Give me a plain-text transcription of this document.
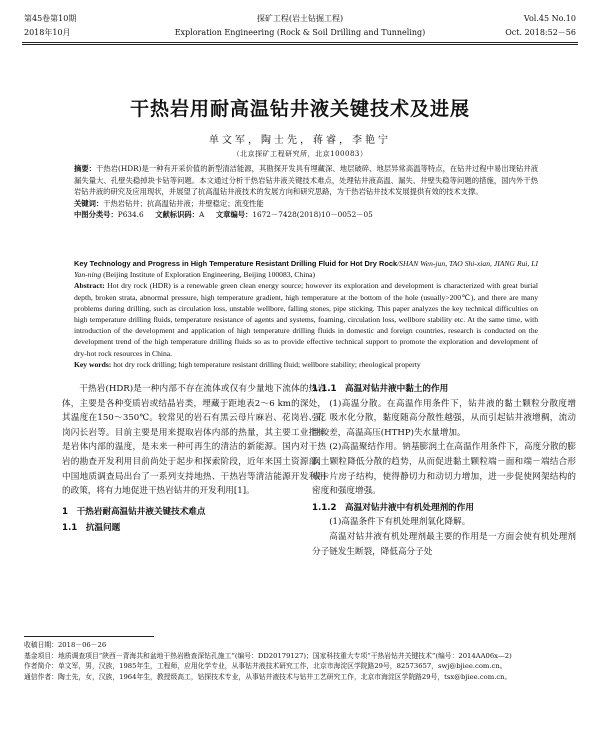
第45卷第10期	探矿工程(岩土钻掘工程)	Vol.45 No.10
2018年10月	Exploration Engineering (Rock & Soil Drilling and Tunneling)	Oct. 2018:52－56
干热岩用耐高温钻井液关键技术及进展
单文军，陶士先，蒋睿，李艳宁
（北京探矿工程研究所，北京100083）
摘要：干热岩(HDR)是一种有开采价值的新型清洁能源，其勘探开发具有埋藏深、地层破碎、地层异常高温等特点，在钻井过程中易出现钻井液漏失量大、孔壁失稳掉块卡钻等问题。本文通过分析干热岩钻井液关键技术难点，处理钻井液高温、漏失、井壁失稳等问题的措施，国内外干热岩钻井液的研究及应用现状，并展望了抗高温钻井液技术的发展方向和研究思路，为干热岩钻井技术发展提供有效的技术支撑。
关键词：干热岩钻井；抗高温钻井液；井壁稳定；流变性能
中图分类号：P634.6 文献标识码：A 文章编号：1672－7428(2018)10－0052－05
Key Technology and Progress in High Temperature Resistant Drilling Fluid for Hot Dry Rock/SHAN Wen-jun, TAO Shi-xian, JIANG Rui, LI Yan-ning (Beijing Institute of Exploration Engineering, Beijing 100083, China)
Abstract: Hot dry rock (HDR) is a renewable green clean energy source; however its exploration and development is characterized with great burial depth, broken strata, abnormal pressure, high temperature gradient, high temperature at the bottom of the hole (usually>200℃), and there are many problems during drilling, such as circulation loss, unstable wellbore, falling stones, pipe sticking. This paper analyzes the key technical difficulties on high temperature drilling fluids, temperature resistance of agents and systems, foaming, circulation loss, wellbore stability etc. At the same time, with introduction of the development and application of high temperature drilling fluids in domestic and foreign countries, research is conducted on the development trend of the high temperature drilling fluids so as to provide effective technical support to promote the exploration and development of dry-hot rock resources in China.
Key words: hot dry rock drilling; high temperature resistant drilling fluid; wellbore stability; rheological property

干热岩(HDR)是一种内部不存在流体或仅有少量地下流体的热岩体，主要是各种变质岩或结晶岩类，埋藏于距地表2～6 km的深处，其温度在150～350℃。较常见的岩石有黑云母片麻岩、花岗岩、花岗闪长岩等。目前主要是用来提取岩体内部的热量，其主要工业指标是岩体内部的温度，是未来一种可再生的清洁的新能源。国内对干热岩的勘查开发利用目前尚处于起步和探索阶段，近年来国土资源部、中国地质调查局出台了一系列支持地热、干热岩等清洁能源开发利用的政策，将有力地促进干热岩钻井的开发利用[1]。

1　干热岩耐高温钻井液关键技术难点
1.1　抗温问题
1.1.1　高温对钻井液中黏土的作用

(1)高温分散。在高温作用条件下，钻井液的黏土颗粒分散度增强，吸水化分散，黏度随高分散性越强，从而引起钻井液增稠，流动性较差，高温高压(HTHP)失水量增加。

(2)高温聚结作用。钠基膨润土在高温作用条件下，高度分散的膨润土颗粒降低分散的趋势，从而促进黏土颗粒端－面和端－端结合形成卡片房子结构，使得静切力和动切力增加，进一步促使网架结构的密度和强度增强。

1.1.2　高温对钻井液中有机处理剂的作用

(1)高温条件下有机处理剂氧化降解。

高温对钻井液有机处理剂最主要的作用是一方面会使有机处理剂分子链发生断裂，降低高分子处

收稿日期：2018－06－26

基金项目：地质调查项目“陕西－青海共和盆地干热岩勘查深钻孔施工”(编号：DD20179127)；国家科技重大专项“干热岩钻井关键技术”(编号：2014AA06x—2)

作者简介：单文军，男，汉族，1985年生，工程师，应用化学专业，从事钻井液技术研究工作，北京市海淀区学院路29号，82573657，swj@bjiee.com.cn。

通信作者：陶士先，女，汉族，1964年生，教授级高工，钻探技术专业，从事钻井液技术与钻井工艺研究工作，北京市海淀区学院路29号，tsx@bjiee.com.cn。
